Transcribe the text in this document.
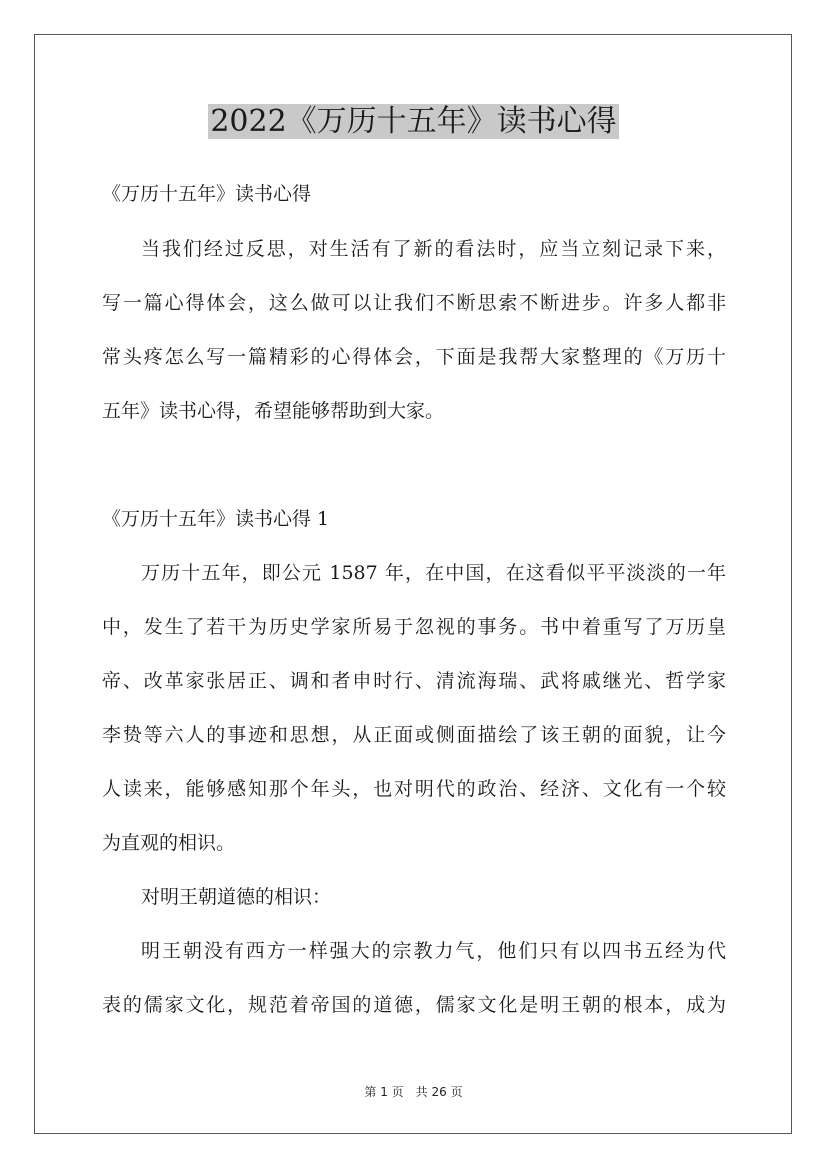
2022《万历十五年》读书心得

《万历十五年》读书心得

当我们经过反思，对生活有了新的看法时，应当立刻记录下来，

写一篇心得体会，这么做可以让我们不断思索不断进步。许多人都非

常头疼怎么写一篇精彩的心得体会，下面是我帮大家整理的《万历十

五年》读书心得，希望能够帮助到大家。

《万历十五年》读书心得 1

万历十五年，即公元 1587 年，在中国，在这看似平平淡淡的一年

中，发生了若干为历史学家所易于忽视的事务。书中着重写了万历皇

帝、改革家张居正、调和者申时行、清流海瑞、武将戚继光、哲学家

李贽等六人的事迹和思想，从正面或侧面描绘了该王朝的面貌，让今

人读来，能够感知那个年头，也对明代的政治、经济、文化有一个较

为直观的相识。

对明王朝道德的相识：

明王朝没有西方一样强大的宗教力气，他们只有以四书五经为代

表的儒家文化，规范着帝国的道德，儒家文化是明王朝的根本，成为

第 1 页　共 26 页
